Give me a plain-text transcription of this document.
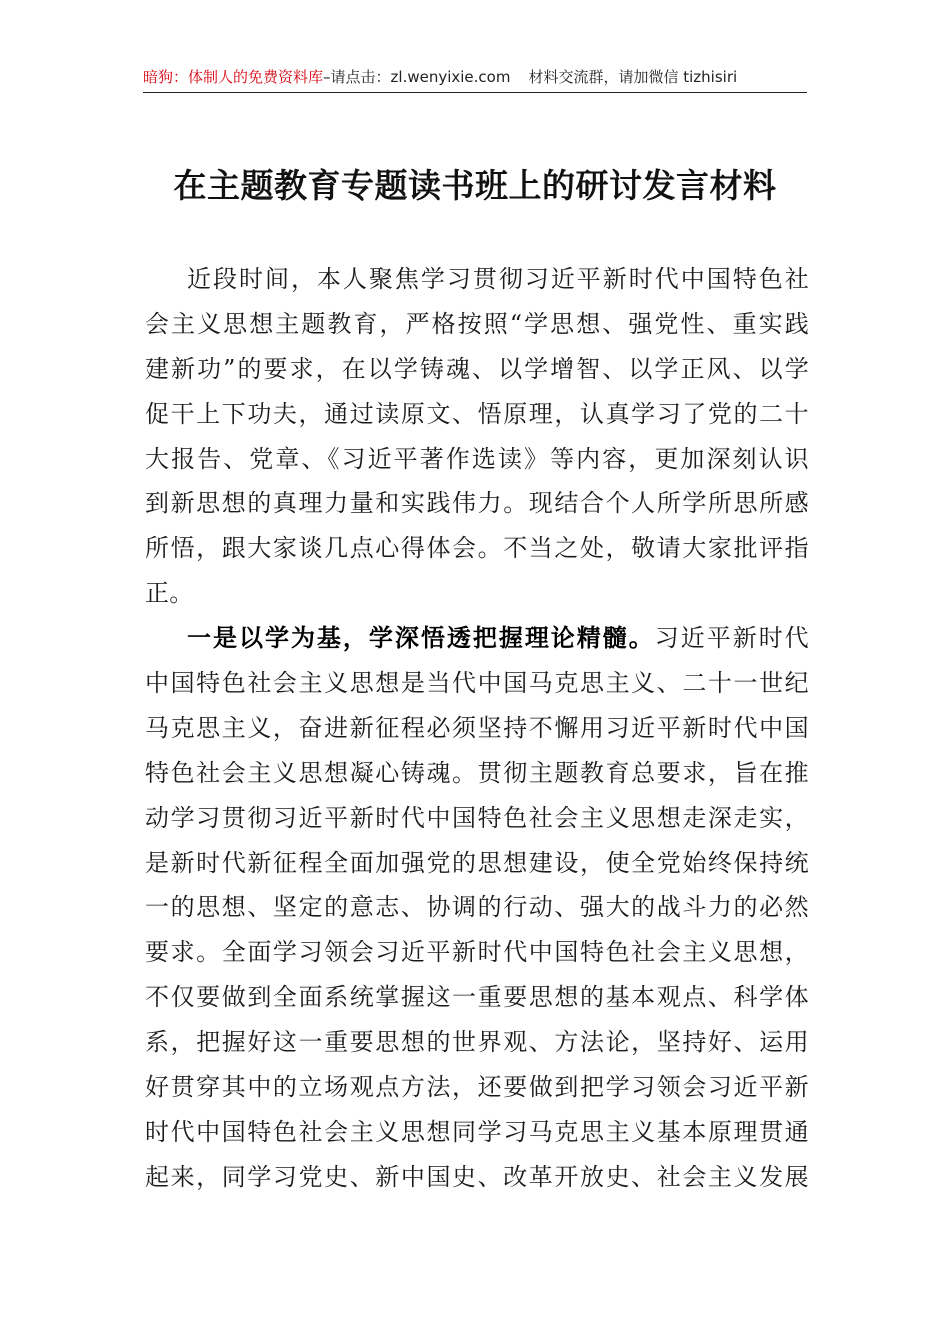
暗狗：体制人的免费资料库–请点击：zl.wenyixie.com 材料交流群，请加微信 tizhisiri
在主题教育专题读书班上的研讨发言材料
近段时间，本人聚焦学习贯彻习近平新时代中国特色社
会主义思想主题教育，严格按照“学思想、强党性、重实践
建新功”的要求，在以学铸魂、以学增智、以学正风、以学
促干上下功夫，通过读原文、悟原理，认真学习了党的二十
大报告、党章、《习近平著作选读》等内容，更加深刻认识
到新思想的真理力量和实践伟力。现结合个人所学所思所感
所悟，跟大家谈几点心得体会。不当之处，敬请大家批评指
正。
一是以学为基，学深悟透把握理论精髓。习近平新时代
中国特色社会主义思想是当代中国马克思主义、二十一世纪
马克思主义，奋进新征程必须坚持不懈用习近平新时代中国
特色社会主义思想凝心铸魂。贯彻主题教育总要求，旨在推
动学习贯彻习近平新时代中国特色社会主义思想走深走实，
是新时代新征程全面加强党的思想建设，使全党始终保持统
一的思想、坚定的意志、协调的行动、强大的战斗力的必然
要求。全面学习领会习近平新时代中国特色社会主义思想，
不仅要做到全面系统掌握这一重要思想的基本观点、科学体
系，把握好这一重要思想的世界观、方法论，坚持好、运用
好贯穿其中的立场观点方法，还要做到把学习领会习近平新
时代中国特色社会主义思想同学习马克思主义基本原理贯通
起来，同学习党史、新中国史、改革开放史、社会主义发展
